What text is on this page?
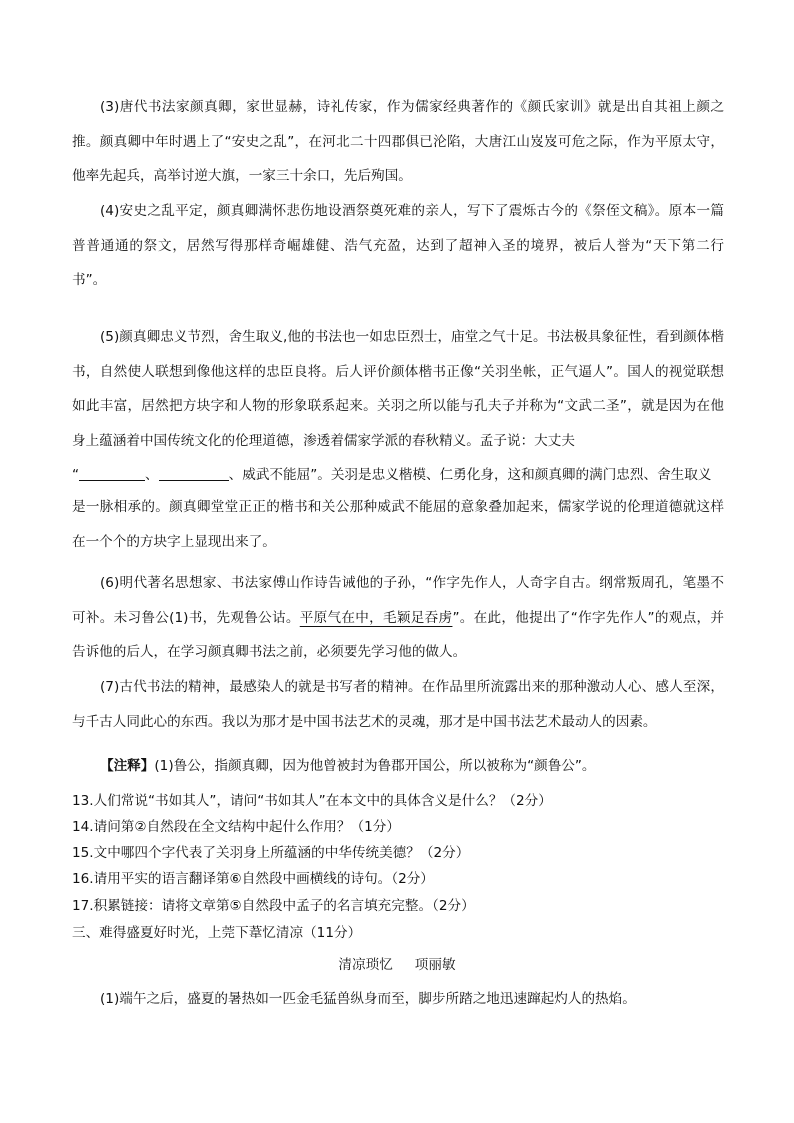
(3)唐代书法家颜真卿，家世显赫，诗礼传家，作为儒家经典著作的《颜氏家训》就是出自其祖上颜之推。颜真卿中年时遇上了“安史之乱”，在河北二十四郡俱已沦陷，大唐江山岌岌可危之际，作为平原太守，他率先起兵，高举讨逆大旗，一家三十余口，先后殉国。

(4)安史之乱平定，颜真卿满怀悲伤地设酒祭奠死难的亲人，写下了震烁古今的《祭侄文稿》。原本一篇普普通通的祭文，居然写得那样奇崛雄健、浩气充盈，达到了超神入圣的境界，被后人誉为“天下第二行书”。

(5)颜真卿忠义节烈，舍生取义,他的书法也一如忠臣烈士，庙堂之气十足。书法极具象征性，看到颜体楷书，自然使人联想到像他这样的忠臣良将。后人评价颜体楷书正像“关羽坐帐，正气逼人”。国人的视觉联想如此丰富，居然把方块字和人物的形象联系起来。关羽之所以能与孔夫子并称为“文武二圣”，就是因为在他身上蕴涵着中国传统文化的伦理道德，渗透着儒家学派的春秋精义。孟子说：大丈夫

“	、	、威武不能屈”。关羽是忠义楷模、仁勇化身，这和颜真卿的满门忠烈、舍生取义

是一脉相承的。颜真卿堂堂正正的楷书和关公那种威武不能屈的意象叠加起来，儒家学说的伦理道德就这样在一个个的方块字上显现出来了。

(6)明代著名思想家、书法家傅山作诗告诫他的子孙，“作字先作人，人奇字自古。纲常叛周孔，笔墨不可补。未习鲁公(1)书，先观鲁公诂。平原气在中，毛颖足吞虏”。在此，他提出了“作字先作人”的观点，并告诉他的后人，在学习颜真卿书法之前，必须要先学习他的做人。

(7)古代书法的精神，最感染人的就是书写者的精神。在作品里所流露出来的那种激动人心、感人至深，与千古人同此心的东西。我以为那才是中国书法艺术的灵魂，那才是中国书法艺术最动人的因素。

【注释】(1)鲁公，指颜真卿，因为他曾被封为鲁郡开国公，所以被称为“颜鲁公”。

13.人们常说“书如其人”，请问“书如其人”在本文中的具体含义是什么？（2分）

14.请问第②自然段在全文结构中起什么作用？（1分）

15.文中哪四个字代表了关羽身上所蕴涵的中华传统美德？（2分）

16.请用平实的语言翻译第⑥自然段中画横线的诗句。（2分）

17.积累链接：请将文章第⑤自然段中孟子的名言填充完整。（2分）

三、难得盛夏好时光，上莞下葦忆清凉（11分）

清凉琐忆 项丽敏

(1)端午之后，盛夏的暑热如一匹金毛猛兽纵身而至，脚步所踏之地迅速蹿起灼人的热焰。
